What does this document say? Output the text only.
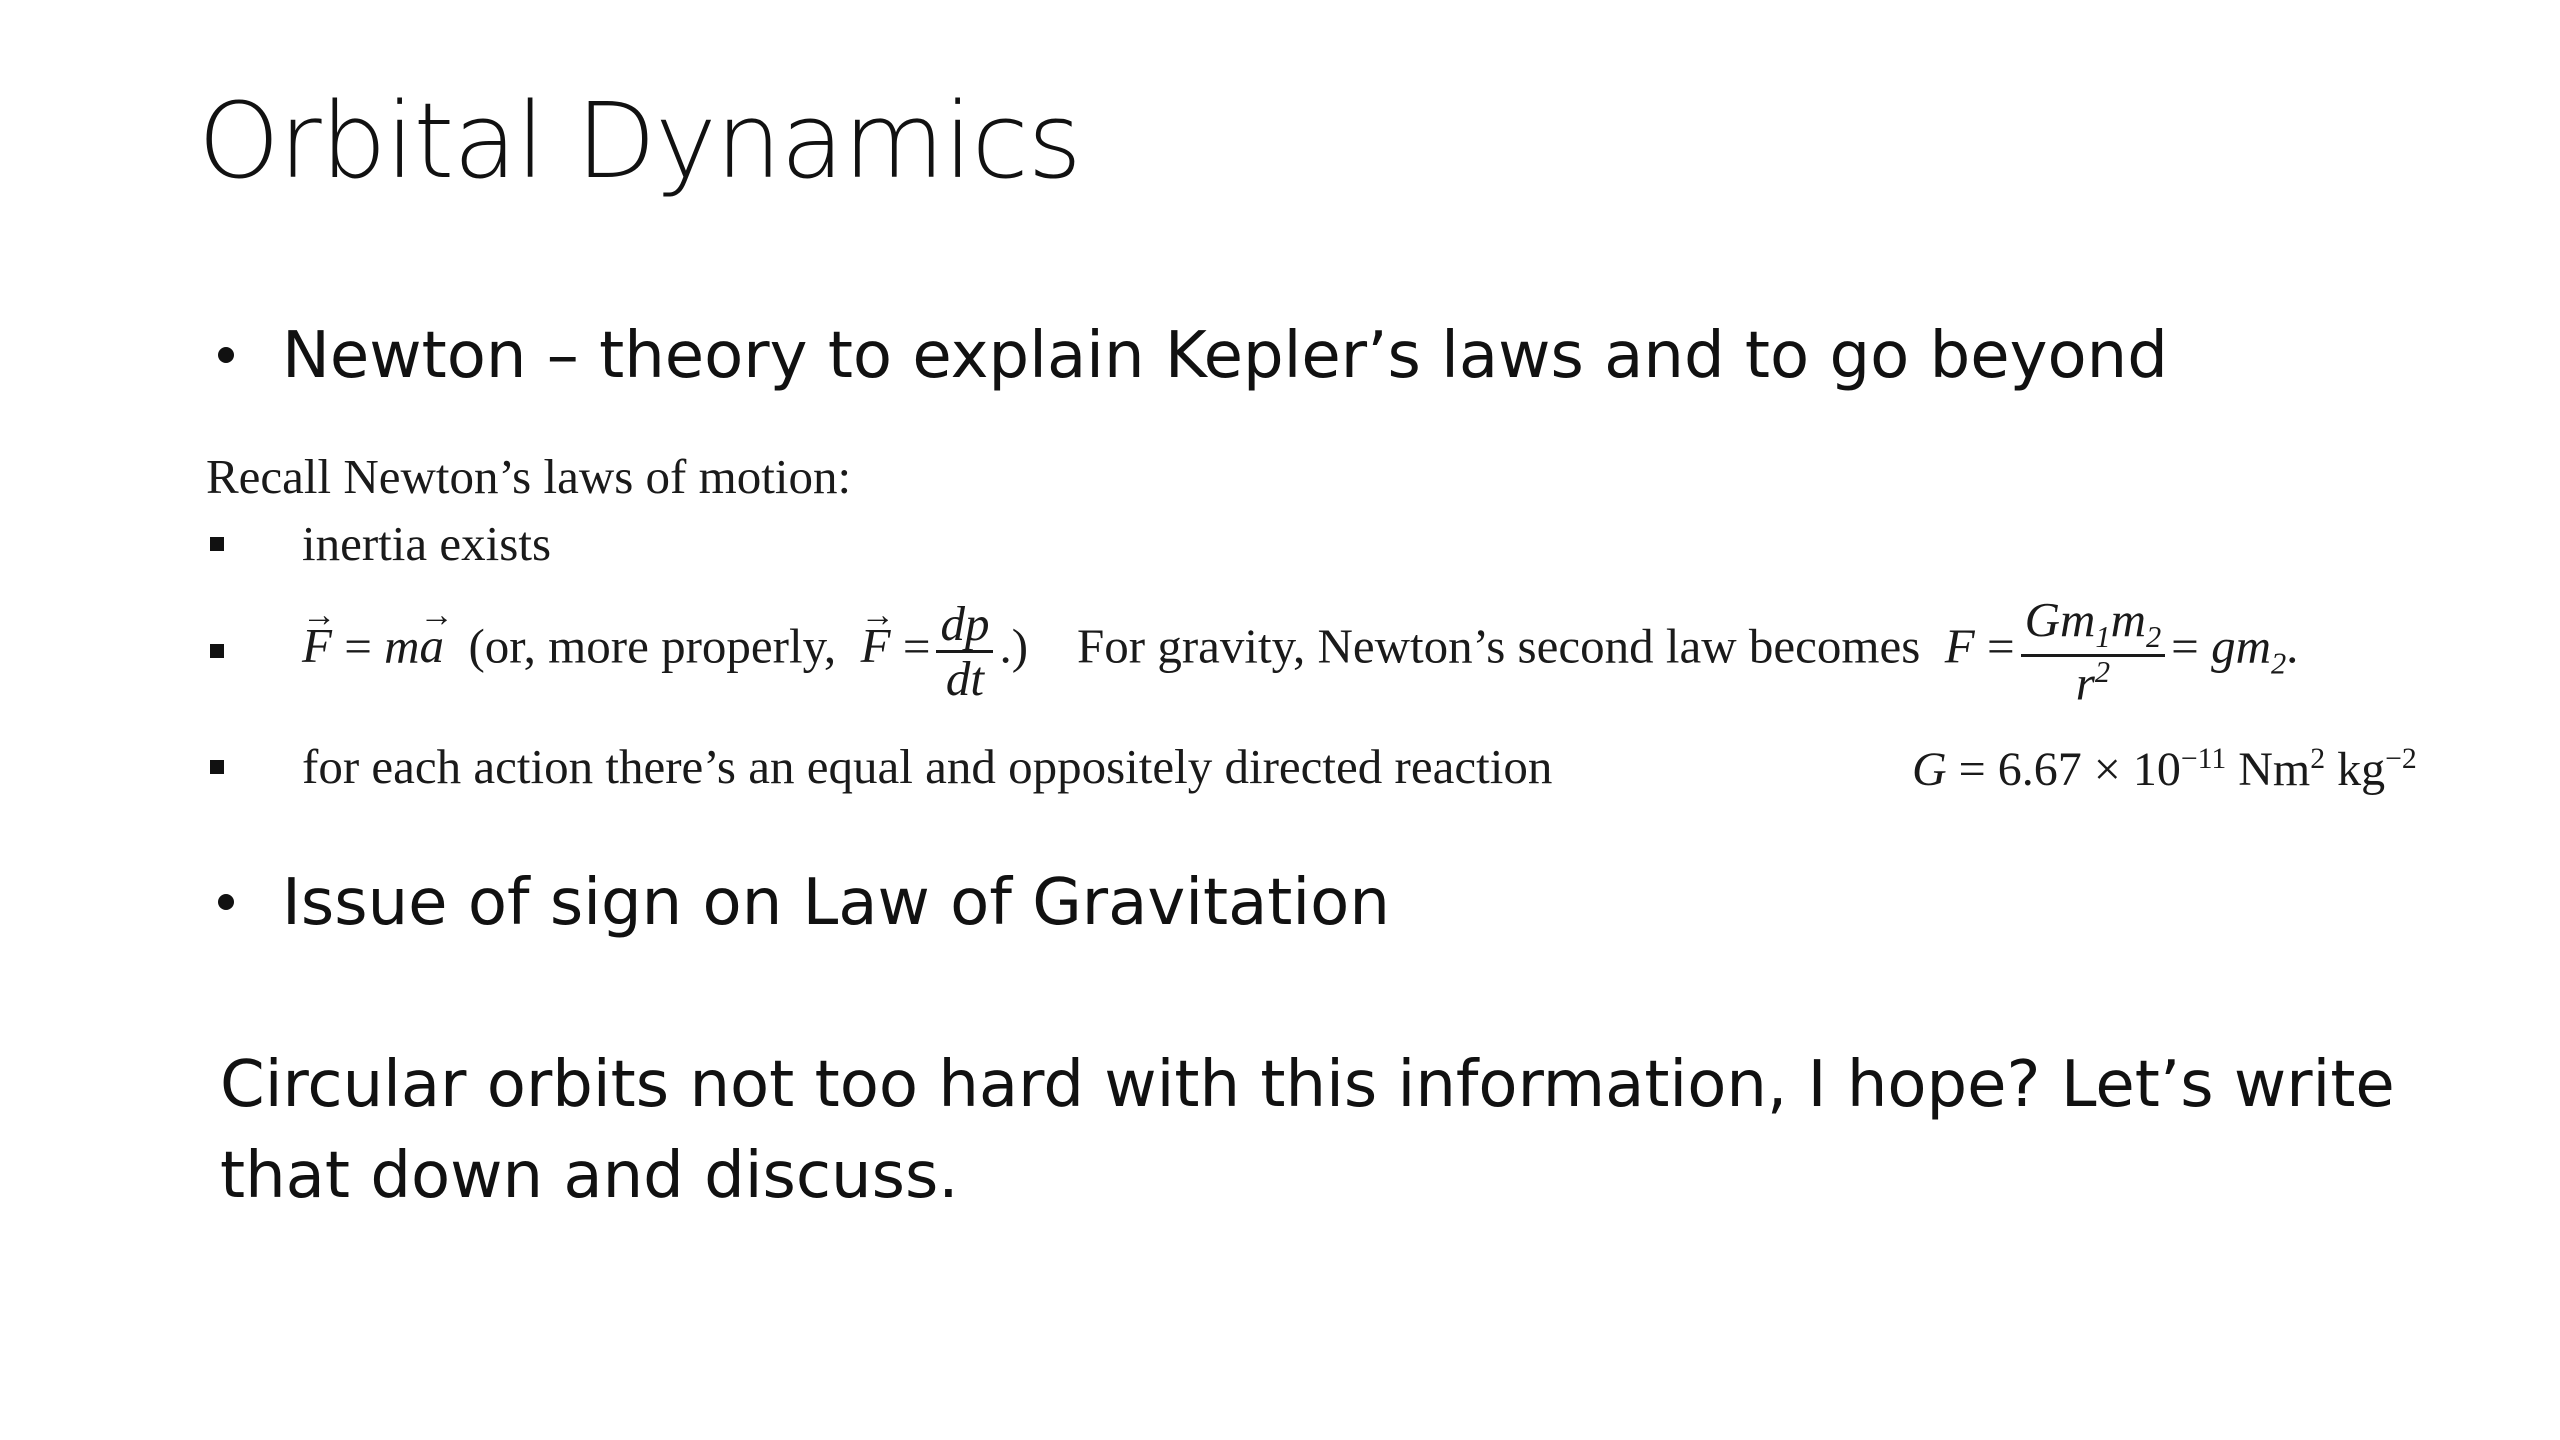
Orbital Dynamics
Newton – theory to explain Kepler’s laws and to go beyond
Recall Newton’s laws of motion:
inertia exists
→ F = m→ a (or, more properly,  → $F = \frac{dp}{dt}$ .) For gravity, Newton’s second law becomes $F = \frac{Gm_1m_2}{r^2} = gm_2$.
for each action there’s an equal and oppositely directed reaction	$G = 6.67 \times 10^{-11}$ Nm$^2$ $kg^{-2}$
Issue of sign on Law of Gravitation
Circular orbits not too hard with this information, I hope? Let’s write that down and discuss.
